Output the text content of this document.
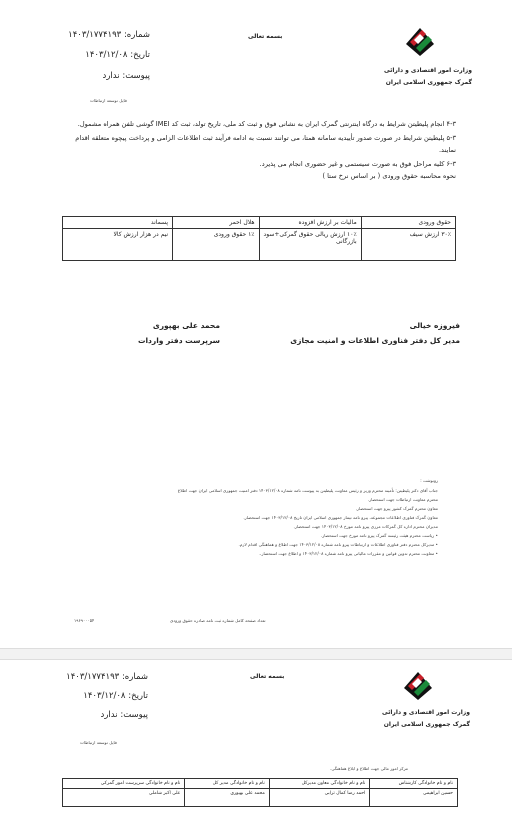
بسمه تعالی
شماره: ۱۴۰۳/۱۷۷۴۱۹۳
تاریخ: ۱۴۰۳/۱۲/۰۸
پیوست: ندارد
وزارت امور اقتصادی و دارائی
گمرک جمهوری اسلامی ایران
فایل توسعه ارتباطات

۴-۳ انجام پلیطیتن شرایط به درگاه اینترنتی گمرک ایران به نشانی فوق و ثبت کد ملی، تاریخ تولد، ثبت کد IMEI گوشی تلفن همراه مشمول.

۵-۳ پلیطیتن شرایط در صورت صدور تأییدیه سامانه همتا، می توانند نسبت به ادامه فرآیند ثبت اطلاعات الزامی و پرداخت پیچوه متعلقه اقدام نمایند.

۶-۳ کلیه مراحل فوق به صورت سیستمی و غیر حضوری انجام می پذیرد.

نحوه محاسبه حقوق ورودی ( بر اساس نرخ ستا )

حقوق ورودی	مالیات بر ارزش افزوده	هلال احمر	پسماند
۳۰٪ ارزش سیف	۱۰٪ ارزش ریالی حقوق گمرکی+سود بازرگانی	۱٪ حقوق ورودی	نیم در هزار ارزش کالا
فیروزه خیالی
مدیر کل دفتر فناوری اطلاعات و امنیت مجازی
محمد علی بهپوری
سرپرست دفتر واردات
رونوشت :
جناب آقای دکتر پلیطیتن: تأمینه محترم وزیر و رئیس معاونت پلیطیتن به پیوست نامه شماره ۱۴۰۳/۱۲/۰۸ دفتر امنیت جمهوری اسلامی ایران جهت اطلاع
محترم معاونت ارتباطات جهت استحضار.
معاون محترم گمرک کشور پیرو جهت استحضار.
معاون گمرک فناوری اطلاعات مجموعه، پیرو نامه تیمار جمهوری اسلامی ایران تاریخ ۱۴۰۳/۱۲/۰۸ جهت استحضار.
مدیران محترم اداره کل گمرکات مرزی پیرو نامه مورخ ۱۴۰۳/۱۲/۰۸ جهت استحضار.
• ریاست محترم هیئت رئیسه گمرک پیرو نامه مورخ جهت استحضار.
• مدیرکل محترم دفتر فناوری اطلاعات و ارتباطات پیرو نامه شماره ۱۴۰۳/۱۲/۰۸ جهت اطلاع و هماهنگی اقدام لازم.
• معاونت محترم تدوین قوانین و مقررات مالیاتی پیرو نامه شماره ۱۴۰۳/۱۲/۰۸ و اطلاع جهت استحضار۔
۱۹۶۹۰۰۰۵۴	تعداد صفحه کامل شماره ثبت نامه صادره حقوق ورودی
بسمه تعالی
شماره: ۱۴۰۳/۱۷۷۴۱۹۳
تاریخ: ۱۴۰۳/۱۲/۰۸
پیوست: ندارد	وزارت امور اقتصادی و دارائی
گمرک جمهوری اسلامی ایران
فایل توسعه ارتباطات
مرکز امور مالی جهت اطلاع و ابلاغ هماهنگی.
نام و نام خانوادگی کارشناس	نام و نام خانوادگی معاون مدیرکل	نام و نام خانوادگی مدیر کل	نام و نام خانوادگی سرپرست امور گمرکی
حسین ابراهیمی	احمد رضا کمال ترابی	محمد علی بهپوری	علی اکبر شاملی
